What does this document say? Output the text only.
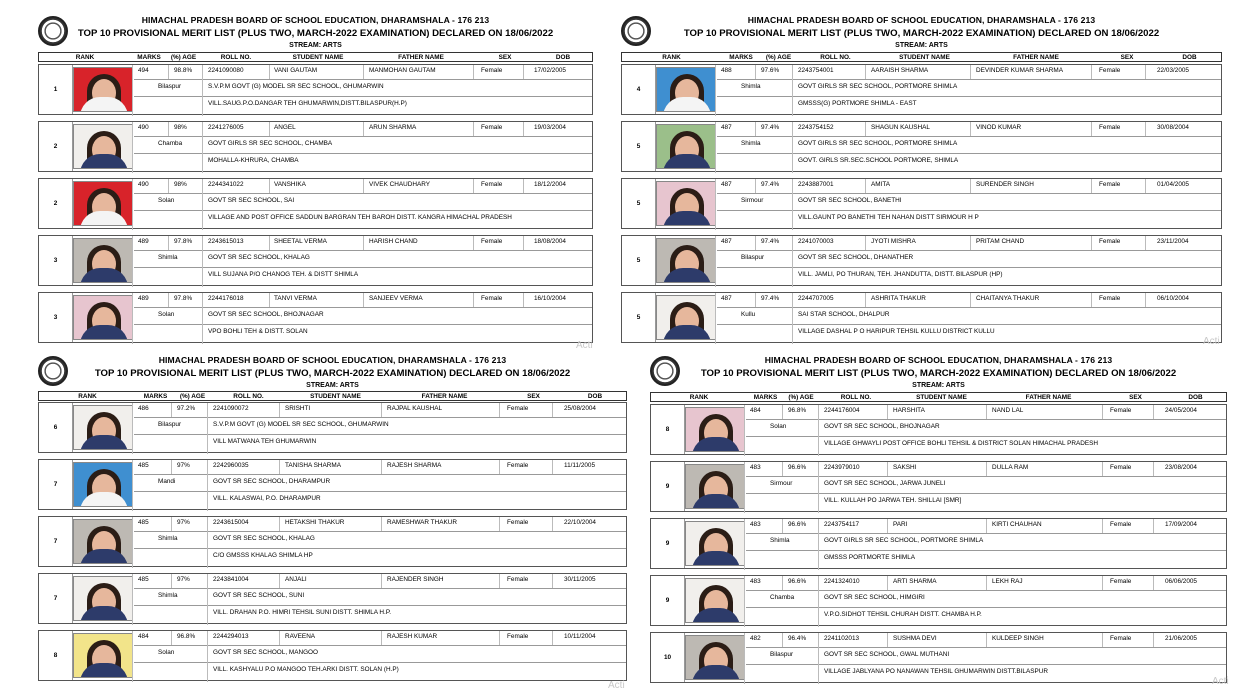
HIMACHAL PRADESH BOARD OF SCHOOL EDUCATION, DHARAMSHALA - 176 213
TOP 10 PROVISIONAL MERIT LIST (PLUS TWO, MARCH-2022 EXAMINATION) DECLARED ON 18/06/2022
STREAM: ARTS
RANK	MARKS	(%) AGE	ROLL NO.	STUDENT NAME	FATHER NAME	SEX	DOB
1
494	98.8% 2241090080	VANI GAUTAM	MANMOHAN GAUTAM	Female	17/02/2005
Bilaspur	S.V.P.M GOVT (G) MODEL SR SEC SCHOOL, GHUMARWIN
VILL.SAUG.P.O.DANGAR TEH GHUMARWIN,DISTT.BILASPUR(H.P)
2
490	98%	2241276005	ANGEL	ARUN SHARMA	Female	19/03/2004
Chamba	GOVT GIRLS SR SEC SCHOOL, CHAMBA
MOHALLA-KHRURA, CHAMBA
2
490	98%	2244341022	VANSHIKA	VIVEK CHAUDHARY	Female	18/12/2004
Solan	GOVT SR SEC SCHOOL, SAI
VILLAGE AND POST OFFICE SADDUN BARGRAN TEH BAROH DISTT. KANGRA HIMACHAL PRADESH
3
489	97.8% 2243615013	SHEETAL VERMA	HARISH CHAND	Female	18/08/2004
Shimla	GOVT SR SEC SCHOOL, KHALAG
VILL SUJANA P/O CHANOG TEH. & DISTT SHIMLA
3
489	97.8% 2244176018	TANVI VERMA	SANJEEV VERMA	Female	16/10/2004
Solan	GOVT SR SEC SCHOOL, BHOJNAGAR
VPO BOHLI TEH & DISTT. SOLAN
HIMACHAL PRADESH BOARD OF SCHOOL EDUCATION, DHARAMSHALA - 176 213
TOP 10 PROVISIONAL MERIT LIST (PLUS TWO, MARCH-2022 EXAMINATION) DECLARED ON 18/06/2022
STREAM: ARTS
RANK	MARKS	(%) AGE	ROLL NO.	STUDENT NAME	FATHER NAME	SEX	DOB
4
488	97.6%	2243754001	AARAISH SHARMA	DEVINDER KUMAR SHARMA	Female	22/03/2005
Shimla	GOVT GIRLS SR SEC SCHOOL, PORTMORE SHIMLA
GMSSS(G) PORTMORE SHIMLA - EAST
5
487	97.4%	2243754152	SHAGUN KAUSHAL	VINOD KUMAR	Female	30/08/2004
Shimla	GOVT GIRLS SR SEC SCHOOL, PORTMORE SHIMLA
GOVT. GIRLS SR.SEC.SCHOOL PORTMORE, SHIMLA
5
487	97.4%	2243887001	AMITA	SURENDER SINGH	Female	01/04/2005
Sirmour	GOVT SR SEC SCHOOL, BANETHI
VILL.GAUNT PO BANETHI TEH NAHAN DISTT SIRMOUR H P
5
487	97.4%	2241070003	JYOTI MISHRA	PRITAM CHAND	Female	23/11/2004
Bilaspur	GOVT SR SEC SCHOOL, DHANATHER
VILL. JAMLI, PO THURAN, TEH. JHANDUTTA, DISTT. BILASPUR (HP)
5
487	97.4%	2244707005	ASHRITA THAKUR	CHAITANYA THAKUR	Female	06/10/2004
Kullu	SAI STAR SCHOOL, DHALPUR
VILLAGE DASHAL P O HARIPUR TEHSIL KULLU DISTRICT KULLU
HIMACHAL PRADESH BOARD OF SCHOOL EDUCATION, DHARAMSHALA - 176 213
TOP 10 PROVISIONAL MERIT LIST (PLUS TWO, MARCH-2022 EXAMINATION) DECLARED ON 18/06/2022
STREAM: ARTS
RANK	MARKS	(%) AGE	ROLL NO.	STUDENT NAME	FATHER NAME	SEX	DOB
6
486	97.2%	2241090072	SRISHTI	RAJPAL KAUSHAL	Female	25/08/2004
Bilaspur	S.V.P.M GOVT (G) MODEL SR SEC SCHOOL, GHUMARWIN
VILL MATWANA TEH GHUMARWIN
7
485	97%	2242960035	TANISHA SHARMA	RAJESH SHARMA	Female	11/11/2005
Mandi	GOVT SR SEC SCHOOL, DHARAMPUR
VILL. KALASWAI, P.O. DHARAMPUR
7
485	97%	2243615004	HETAKSHI THAKUR	RAMESHWAR THAKUR	Female	22/10/2004
Shimla	GOVT SR SEC SCHOOL, KHALAG
C/O GMSSS KHALAG SHIMLA HP
7
485	97%	2243841004	ANJALI	RAJENDER SINGH	Female	30/11/2005
Shimla	GOVT SR SEC SCHOOL, SUNI
VILL. DRAHAN P.O. HIMRI TEHSIL SUNI DISTT. SHIMLA H.P.
8
484	96.8%	2244294013	RAVEENA	RAJESH KUMAR	Female	10/11/2004
Solan	GOVT SR SEC SCHOOL, MANGOO
VILL. KASHYALU P.O MANGOO TEH.ARKI DISTT. SOLAN (H.P)
HIMACHAL PRADESH BOARD OF SCHOOL EDUCATION, DHARAMSHALA - 176 213
TOP 10 PROVISIONAL MERIT LIST (PLUS TWO, MARCH-2022 EXAMINATION) DECLARED ON 18/06/2022
STREAM: ARTS
RANK	MARKS	(%) AGE	ROLL NO.	STUDENT NAME	FATHER NAME	SEX	DOB
8
484	96.8%	2244176004	HARSHITA	NAND LAL	Female	24/05/2004
Solan	GOVT SR SEC SCHOOL, BHOJNAGAR
VILLAGE GHWAYLI POST OFFICE BOHLI TEHSIL & DISTRICT SOLAN HIMACHAL PRADESH
9
483	96.6%	2243979010	SAKSHI	DULLA RAM	Female	23/08/2004
Sirmour	GOVT SR SEC SCHOOL, JARWA JUNELI
VILL. KULLAH PO JARWA TEH. SHILLAI [SMR]
9
483	96.6%	2243754117	PARI	KIRTI CHAUHAN	Female	17/09/2004
Shimla	GOVT GIRLS SR SEC SCHOOL, PORTMORE SHIMLA
GMSSS PORTMORTE SHIMLA
9
483	96.6%	2241324010	ARTI SHARMA	LEKH RAJ	Female	06/06/2005
Chamba	GOVT SR SEC SCHOOL, HIMGIRI
V.P.O.SIDHOT TEHSIL CHURAH DISTT. CHAMBA H.P.
10
482	96.4%	2241102013	SUSHMA DEVI	KULDEEP SINGH	Female	21/06/2005
Bilaspur	GOVT SR SEC SCHOOL, GWAL MUTHANI
VILLAGE JABLYANA PO NANAWAN TEHSIL GHUMARWIN DISTT.BILASPUR
Acti	Acti
Acti	Acti
